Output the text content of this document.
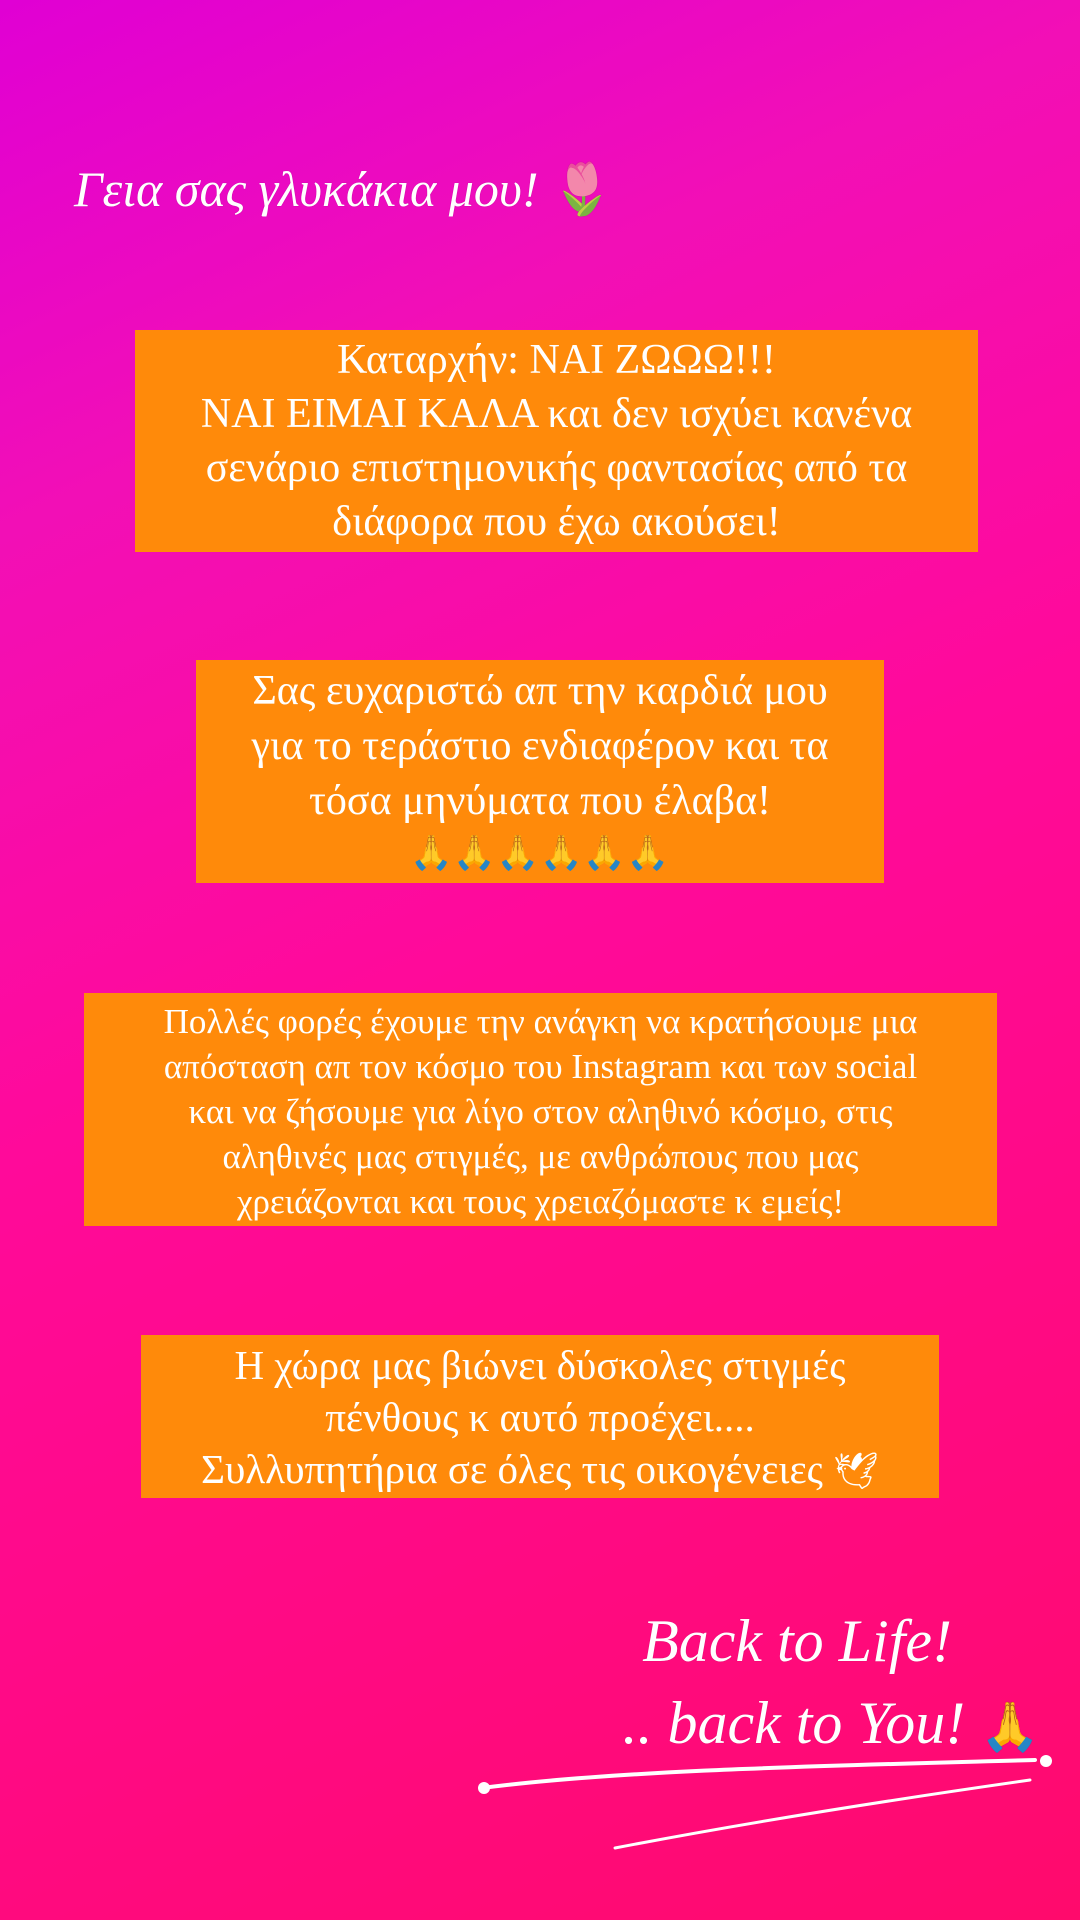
Γεια σας γλυκάκια μου! 🌷

Καταρχήν: ΝΑΙ ΖΩΩΩ!!!

ΝΑΙ ΕΙΜΑΙ ΚΑΛΑ και δεν ισχύει κανένα

σενάριο επιστημονικής φαντασίας από τα

διάφορα που έχω ακούσει!

Σας ευχαριστώ απ την καρδιά μου

για το τεράστιο ενδιαφέρον και τα

τόσα μηνύματα που έλαβα!

🙏🙏🙏🙏🙏🙏

Πολλές φορές έχουμε την ανάγκη να κρατήσουμε μια

απόσταση απ τον κόσμο του Instagram και των social

και να ζήσουμε για λίγο στον αληθινό κόσμο, στις

αληθινές μας στιγμές, με ανθρώπους που μας

χρειάζονται και τους χρειαζόμαστε κ εμείς!

Η χώρα μας βιώνει δύσκολες στιγμές

πένθους κ αυτό προέχει....

Συλλυπητήρια σε όλες τις οικογένειες 🕊

Back to Life!
.. back to You! 🙏
